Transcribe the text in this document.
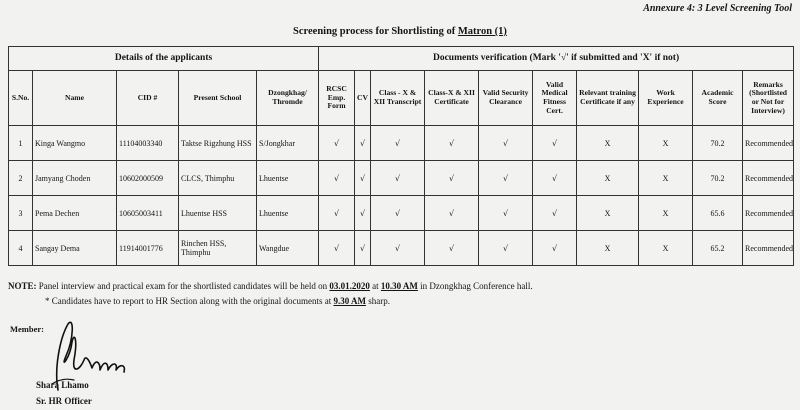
Annexure 4: 3 Level Screening Tool
Screening process for Shortlisting of Matron (1)
Details of the applicants					Documents verification (Mark '√' if submitted and 'X' if not)									
S.No.	Name	CID #	Present School	Dzongkhag/ Thromde	RCSC Emp. Form	CV	Class - X & XII Transcript	Class-X & XII Certificate	Valid Security Clearance	Valid Medical Fitness Cert.	Relevant training Certificate if any	Work Experience	Academic Score	Remarks (Shortlisted or Not for Interview)
1	Kinga Wangmo	11104003340	Taktse Rigzhung HSS	S/Jongkhar	√	√	√	√	√	√	X	X	70.2	Recommended
2	Jamyang Choden	10602000509	CLCS, Thimphu	Lhuentse	√	√	√	√	√	√	X	X	70.2	Recommended
3	Pema Dechen	10605003411	Lhuentse HSS	Lhuentse	√	√	√	√	√	√	X	X	65.6	Recommended
4	Sangay Dema	11914001776	Rinchen HSS, Thimphu	Wangdue	√	√	√	√	√	√	X	X	65.2	Recommended
NOTE: Panel interview and practical exam for the shortlisted candidates will be held on 03.01.2020 at 10.30 AM in Dzongkhag Conference hall.
* Candidates have to report to HR Section along with the original documents at 9.30 AM sharp.
Member:
Shara Lhamo
Sr. HR Officer
